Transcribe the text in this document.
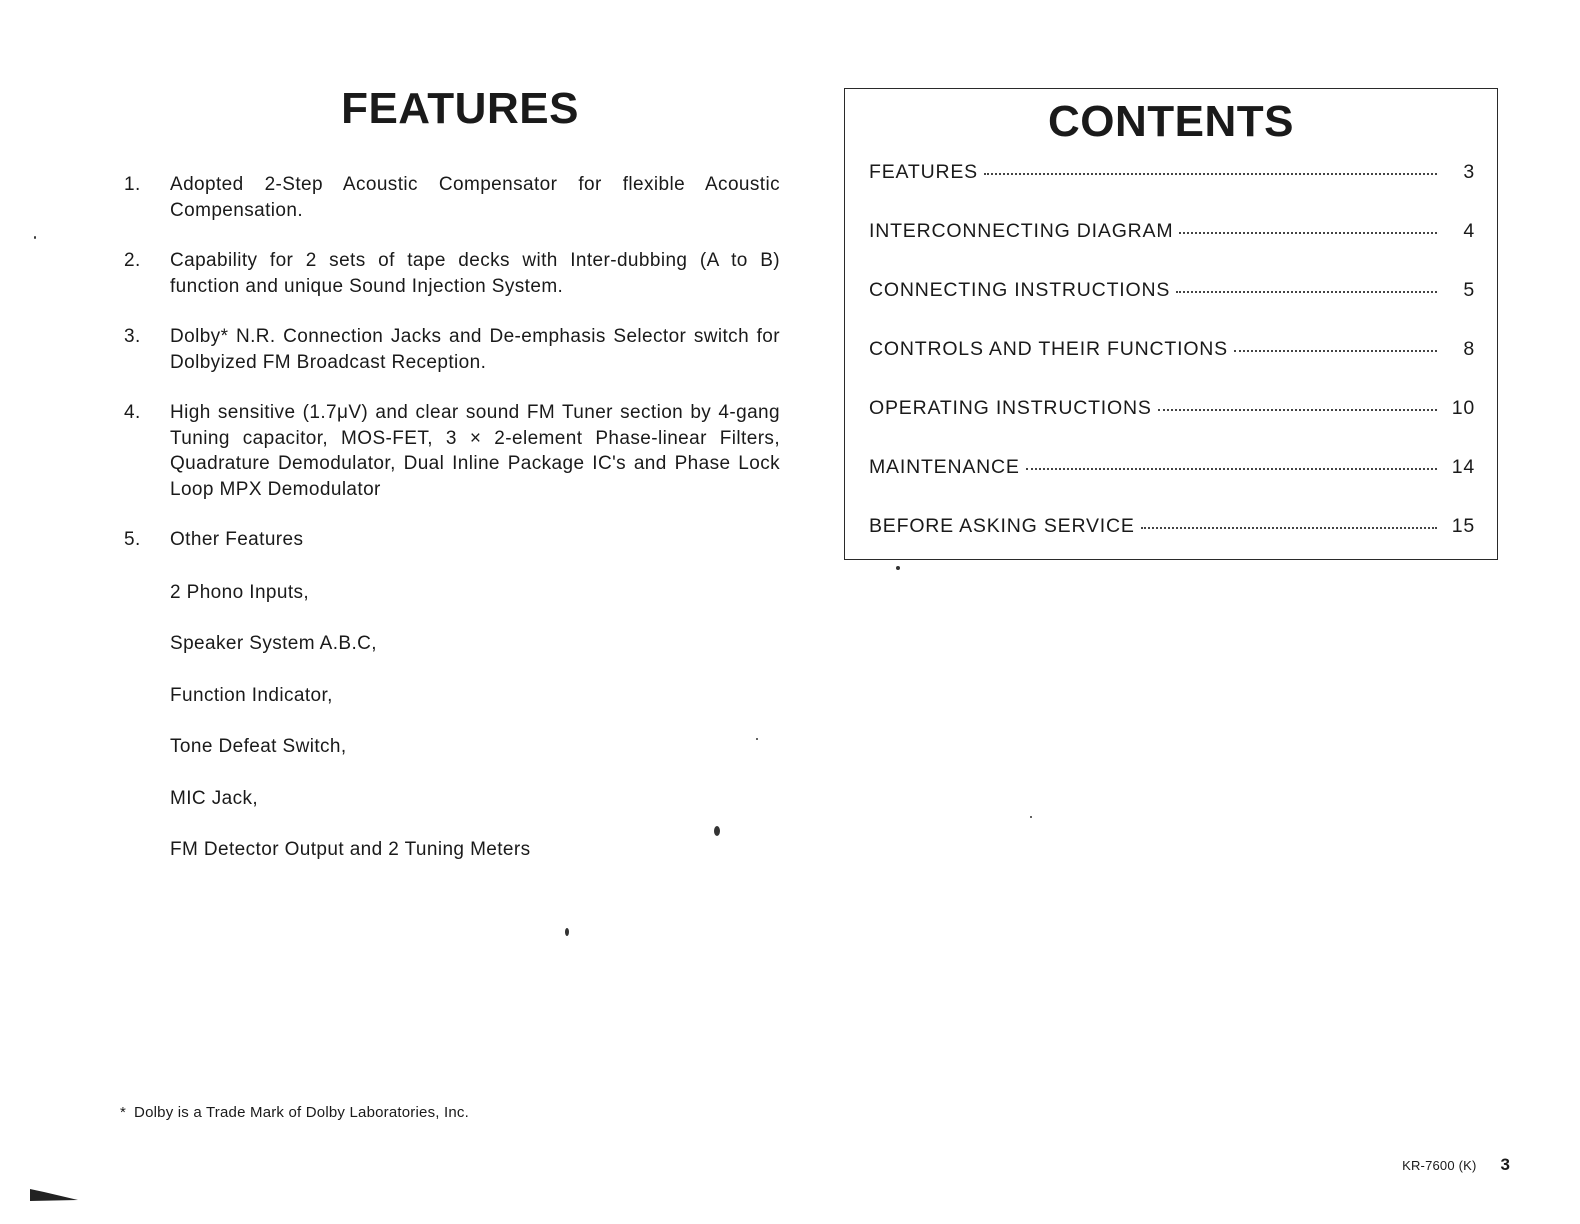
FEATURES
1. Adopted 2-Step Acoustic Compensator for flexible Acoustic Compensation.
2. Capability for 2 sets of tape decks with Inter-dubbing (A to B) function and unique Sound Injection System.
3. Dolby* N.R. Connection Jacks and De-emphasis Selector switch for Dolbyized FM Broadcast Reception.
4. High sensitive (1.7μV) and clear sound FM Tuner section by 4-gang Tuning capacitor, MOS-FET, 3 × 2-element Phase-linear Filters, Quadrature Demodulator, Dual Inline Package IC's and Phase Lock Loop MPX Demodulator
5. Other Features
2 Phono Inputs,
Speaker System A.B.C,
Function Indicator,
Tone Defeat Switch,
MIC Jack,
FM Detector Output and 2 Tuning Meters
* Dolby is a Trade Mark of Dolby Laboratories, Inc.
CONTENTS
FEATURES	3
INTERCONNECTING DIAGRAM	4
CONNECTING INSTRUCTIONS	5
CONTROLS AND THEIR FUNCTIONS	8
OPERATING INSTRUCTIONS	10
MAINTENANCE	14
BEFORE ASKING SERVICE	15
KR-7600 (K) 3
